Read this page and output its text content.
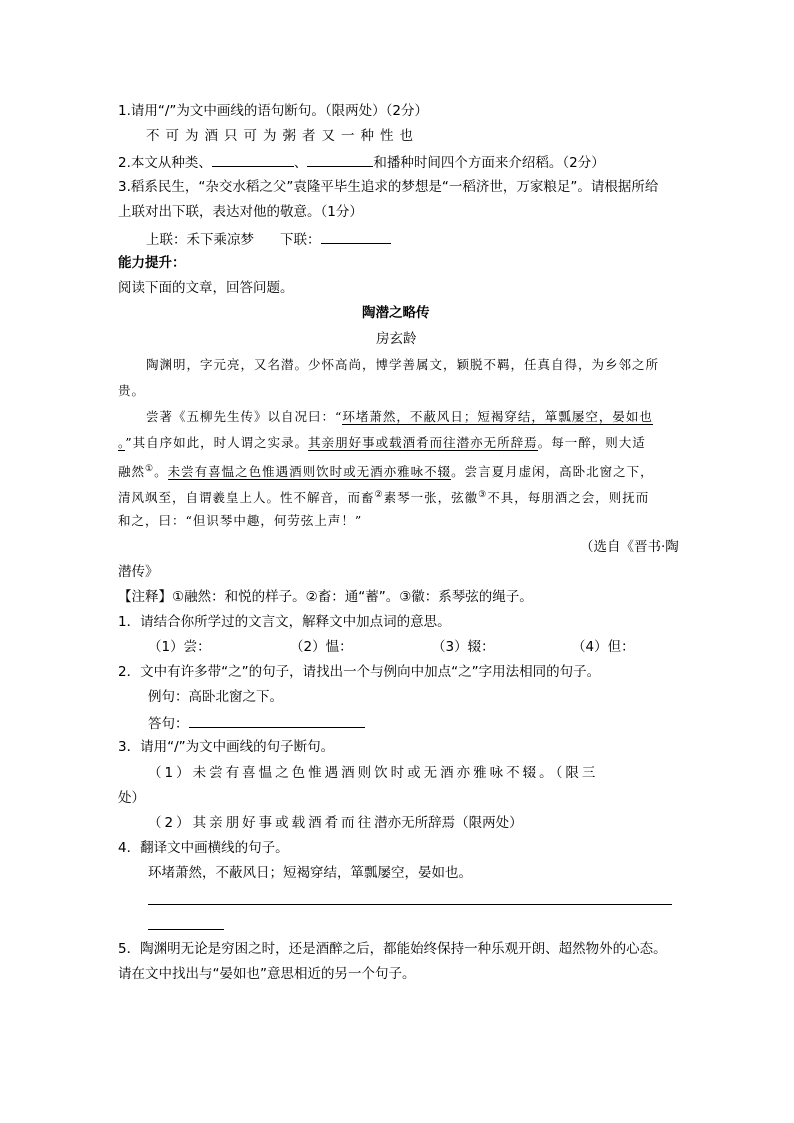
1.请用“/”为文中画线的语句断句。（限两处）（2分）
不可为酒只可为粥者又一种性也
2.本文从种类、	、	和播种时间四个方面来介绍稻。（2分）
3.稻系民生，“杂交水稻之父”袁隆平毕生追求的梦想是“一稻济世，万家粮足”。请根据所给
上联对出下联，表达对他的敬意。（1分）
上联：禾下乘凉梦 下联：
能力提升：
阅读下面的文章，回答问题。
陶潜之略传
房玄龄
陶渊明，字元亮，又名潜。少怀高尚，博学善属文，颖脱不羁，任真自得，为乡邻之所
贵。
尝著《五柳先生传》以自况曰：“环堵萧然，不蔽风日；短褐穿结，箪瓢屡空，晏如也
。”其自序如此，时人谓之实录。其亲朋好事或载酒肴而往潜亦无所辞焉。每一醉，则大适
融然①。未尝有喜愠之色惟遇酒则饮时或无酒亦雅咏不辍。尝言夏月虚闲，高卧北窗之下，
清风飒至，自谓羲皇上人。性不解音，而畜②素琴一张，弦徽③不具，每朋酒之会，则抚而
和之，曰：“但识琴中趣，何劳弦上声！”
（选自《晋书·陶
潜传》
【注释】①融然：和悦的样子。②畜：通“蓄”。③徽：系琴弦的绳子。
1．请结合你所学过的文言文，解释文中加点词的意思。
（1）尝：	（2）愠：	（3）辍：	（4）但：
2．文中有许多带“之”的句子，请找出一个与例向中加点“之”字用法相同的句子。
例句：高卧北窗之下。
答句：
3．请用“/”为文中画线的句子断句。
（1）未尝有喜愠之色惟遇酒则饮时或无酒亦雅咏不辍。（限三
处）
（2）其亲朋好事或载酒肴而往潜亦无所辞焉（限两处）
4．翻译文中画横线的句子。
环堵萧然，不蔽风日；短褐穿结，箪瓢屡空，晏如也。
5．陶渊明无论是穷困之时，还是酒醉之后，都能始终保持一种乐观开朗、超然物外的心态。
请在文中找出与“晏如也”意思相近的另一个句子。
